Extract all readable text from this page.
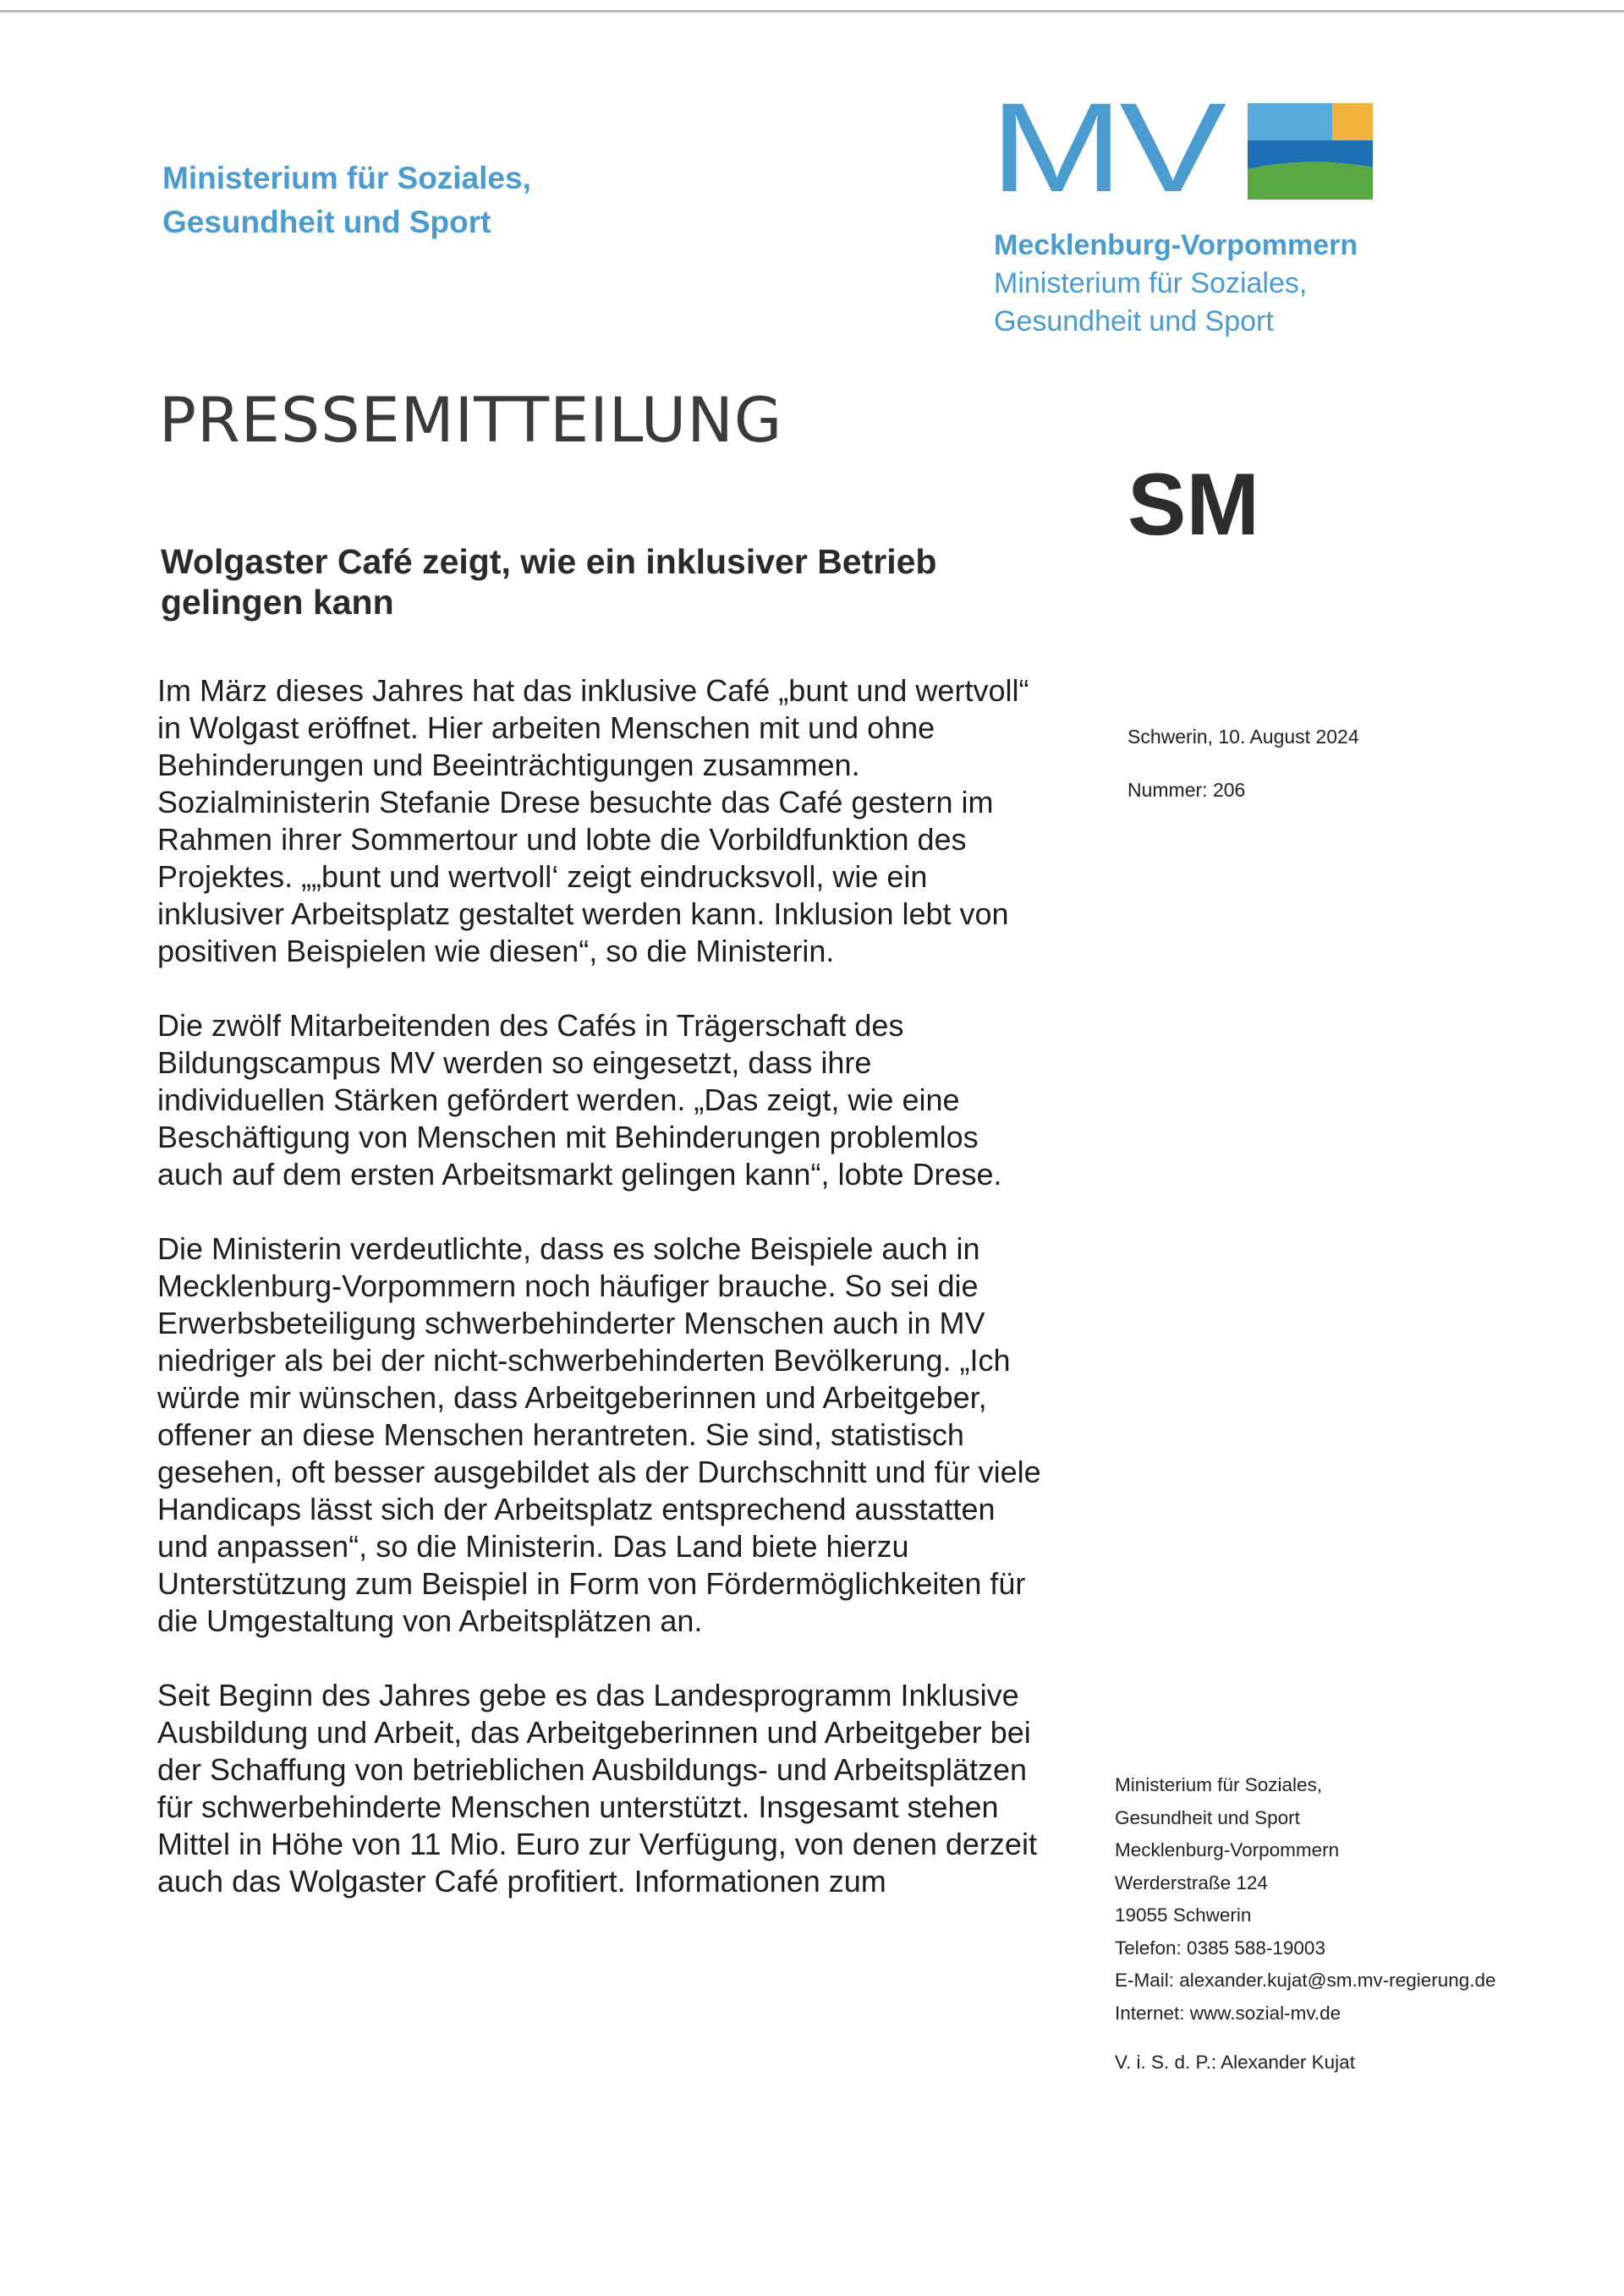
Ministerium für Soziales,
Gesundheit und Sport
MV
Mecklenburg-Vorpommern
Ministerium für Soziales,
Gesundheit und Sport
PRESSEMITTEILUNG
SM
Wolgaster Café zeigt, wie ein inklusiver Betrieb
gelingen kann
Schwerin, 10. August 2024
Nummer: 206

Im März dieses Jahres hat das inklusive Café „bunt und wertvoll“ in Wolgast eröffnet. Hier arbeiten Menschen mit und ohne Behinderungen und Beeinträchtigungen zusammen. Sozialministerin Stefanie Drese besuchte das Café gestern im Rahmen ihrer Sommertour und lobte die Vorbildfunktion des Projektes. „„bunt und wertvoll‘ zeigt eindrucksvoll, wie ein inklusiver Arbeitsplatz gestaltet werden kann. Inklusion lebt von positiven Beispielen wie diesen“, so die Ministerin.

Die zwölf Mitarbeitenden des Cafés in Trägerschaft des Bildungscampus MV werden so eingesetzt, dass ihre individuellen Stärken gefördert werden. „Das zeigt, wie eine Beschäftigung von Menschen mit Behinderungen problemlos auch auf dem ersten Arbeitsmarkt gelingen kann“, lobte Drese.

Die Ministerin verdeutlichte, dass es solche Beispiele auch in Mecklenburg-Vorpommern noch häufiger brauche. So sei die Erwerbsbeteiligung schwerbehinderter Menschen auch in MV niedriger als bei der nicht-schwerbehinderten Bevölkerung. „Ich würde mir wünschen, dass Arbeitgeberinnen und Arbeitgeber, offener an diese Menschen herantreten. Sie sind, statistisch gesehen, oft besser ausgebildet als der Durchschnitt und für viele Handicaps lässt sich der Arbeitsplatz entsprechend ausstatten und anpassen“, so die Ministerin. Das Land biete hierzu Unterstützung zum Beispiel in Form von Fördermöglichkeiten für die Umgestaltung von Arbeitsplätzen an.

Seit Beginn des Jahres gebe es das Landesprogramm Inklusive Ausbildung und Arbeit, das Arbeitgeberinnen und Arbeitgeber bei der Schaffung von betrieblichen Ausbildungs- und Arbeitsplätzen für schwerbehinderte Menschen unterstützt. Insgesamt stehen Mittel in Höhe von 11 Mio. Euro zur Verfügung, von denen derzeit auch das Wolgaster Café profitiert. Informationen zum

Ministerium für Soziales,
Gesundheit und Sport
Mecklenburg-Vorpommern
Werderstraße 124
19055 Schwerin
Telefon: 0385 588-19003
E-Mail: alexander.kujat@sm.mv-regierung.de
Internet: www.sozial-mv.de
V. i. S. d. P.: Alexander Kujat
